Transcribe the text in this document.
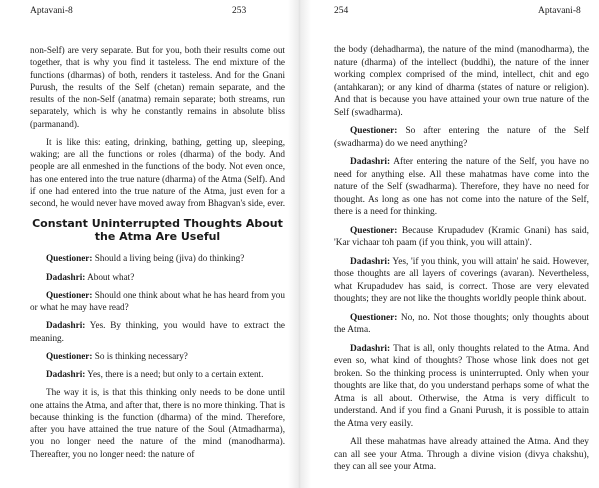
Aptavani-8	253

non-Self) are very separate. But for you, both their results come out together, that is why you find it tasteless. The end mixture of the functions (dharmas) of both, renders it tasteless. And for the Gnani Purush, the results of the Self (chetan) remain separate, and the results of the non-Self (anatma) remain separate; both streams, run separately, which is why he constantly remains in absolute bliss (parmanand).

It is like this: eating, drinking, bathing, getting up, sleeping, waking; are all the functions or roles (dharma) of the body. And people are all enmeshed in the functions of the body. Not even once, has one entered into the true nature (dharma) of the Atma (Self). And if one had entered into the true nature of the Atma, just even for a second, he would never have moved away from Bhagvan's side, ever.

Constant Uninterrupted Thoughts About the Atma Are Useful

Questioner: Should a living being (jiva) do thinking?

Dadashri: About what?

Questioner: Should one think about what he has heard from you or what he may have read?

Dadashri: Yes. By thinking, you would have to extract the meaning.

Questioner: So is thinking necessary?

Dadashri: Yes, there is a need; but only to a certain extent.

The way it is, is that this thinking only needs to be done until one attains the Atma, and after that, there is no more thinking. That is because thinking is the function (dharma) of the mind. Therefore, after you have attained the true nature of the Soul (Atmadharma), you no longer need the nature of the mind (manodharma). Thereafter, you no longer need: the nature of

254	Aptavani-8

the body (dehadharma), the nature of the mind (manodharma), the nature (dharma) of the intellect (buddhi), the nature of the inner working complex comprised of the mind, intellect, chit and ego (antahkaran); or any kind of dharma (states of nature or religion). And that is because you have attained your own true nature of the Self (swadharma).

Questioner: So after entering the nature of the Self (swadharma) do we need anything?

Dadashri: After entering the nature of the Self, you have no need for anything else. All these mahatmas have come into the nature of the Self (swadharma). Therefore, they have no need for thought. As long as one has not come into the nature of the Self, there is a need for thinking.

Questioner: Because Krupadudev (Kramic Gnani) has said, 'Kar vichaar toh paam (if you think, you will attain)'.

Dadashri: Yes, 'if you think, you will attain' he said. However, those thoughts are all layers of coverings (avaran). Nevertheless, what Krupadudev has said, is correct. Those are very elevated thoughts; they are not like the thoughts worldly people think about.

Questioner: No, no. Not those thoughts; only thoughts about the Atma.

Dadashri: That is all, only thoughts related to the Atma. And even so, what kind of thoughts? Those whose link does not get broken. So the thinking process is uninterrupted. Only when your thoughts are like that, do you understand perhaps some of what the Atma is all about. Otherwise, the Atma is very difficult to understand. And if you find a Gnani Purush, it is possible to attain the Atma very easily.

All these mahatmas have already attained the Atma. And they can all see your Atma. Through a divine vision (divya chakshu), they can all see your Atma.
